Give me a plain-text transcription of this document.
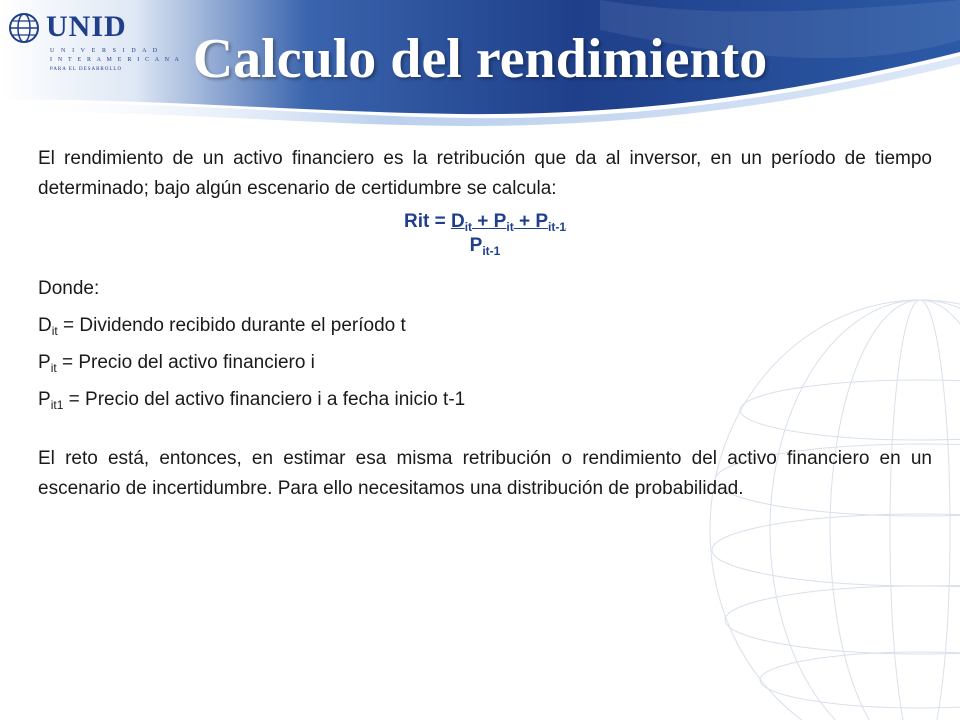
UNID
U N I V E R S I D A D
I N T E R A M E R I C A N A
PARA EL DESARROLLO	Calculo del rendimiento

El rendimiento de un activo financiero es la retribución que da al inversor, en un período de tiempo determinado; bajo algún escenario de certidumbre se calcula:

Rit = $D_{it} + P_{it} + P_{it-1}$
$P_{it-1}$

Donde:

$D_{it}$ = Dividendo recibido durante el período t

$P_{it}$ = Precio del activo financiero i

$P_{it1}$ = Precio del activo financiero i a fecha inicio t-1

El reto está, entonces, en estimar esa misma retribución o rendimiento del activo financiero en un escenario de incertidumbre. Para ello necesitamos una distribución de probabilidad.
